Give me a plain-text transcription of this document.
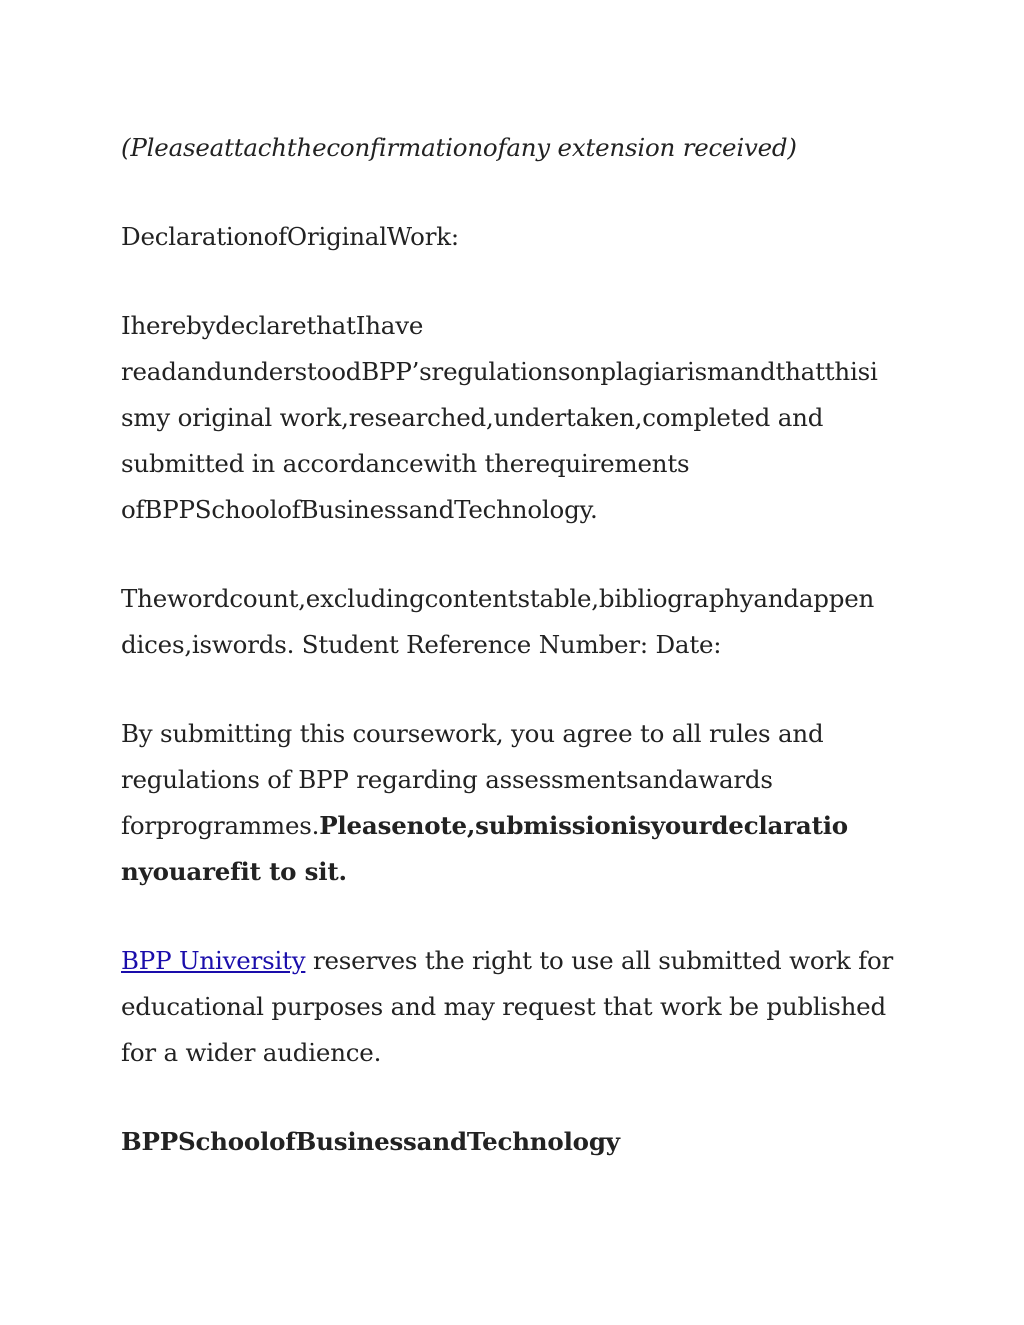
(Pleaseattachtheconfirmationofany extension received)

DeclarationofOriginalWork:

IherebydeclarethatIhave

readandunderstoodBPP’sregulationsonplagiarismandthatthisi

smy original work,researched,undertaken,completed and

submitted in accordancewith therequirements

ofBPPSchoolofBusinessandTechnology.

Thewordcount,excludingcontentstable,bibliographyandappen

dices,iswords. Student Reference Number: Date:

By submitting this coursework, you agree to all rules and

regulations of BPP regarding assessmentsandawards

forprogrammes.Pleasenote,submissionisyourdeclaratio

nyouarefit to sit.

BPP University reserves the right to use all submitted work for

educational purposes and may request that work be published

for a wider audience.

BPPSchoolofBusinessandTechnology
